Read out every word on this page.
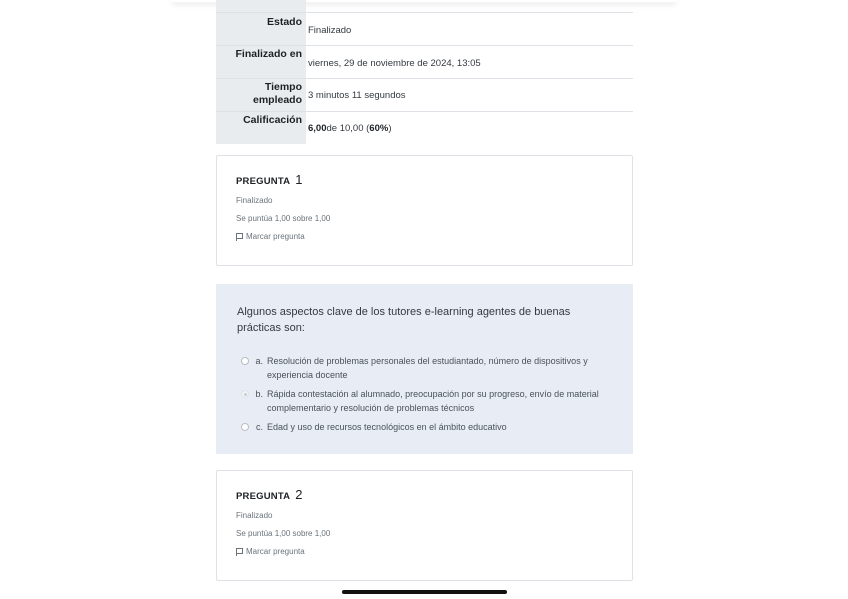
Estado
Finalizado
Finalizado en
viernes, 29 de noviembre de 2024, 13:05
Tiempo empleado 3 minutos 11 segundos
Calificación
6,00 de 10,00 ( 60% )
PREGUNTA 1
Finalizado
Se puntúa 1,00 sobre 1,00
Marcar pregunta
Algunos aspectos clave de los tutores e-learning agentes de buenas prácticas son:
a. Resolución de problemas personales del estudiantado, número de dispositivos y experiencia docente
b. Rápida contestación al alumnado, preocupación por su progreso, envío de material complementario y resolución de problemas técnicos
c. Edad y uso de recursos tecnológicos en el ámbito educativo
PREGUNTA 2
Finalizado
Se puntúa 1,00 sobre 1,00
Marcar pregunta
